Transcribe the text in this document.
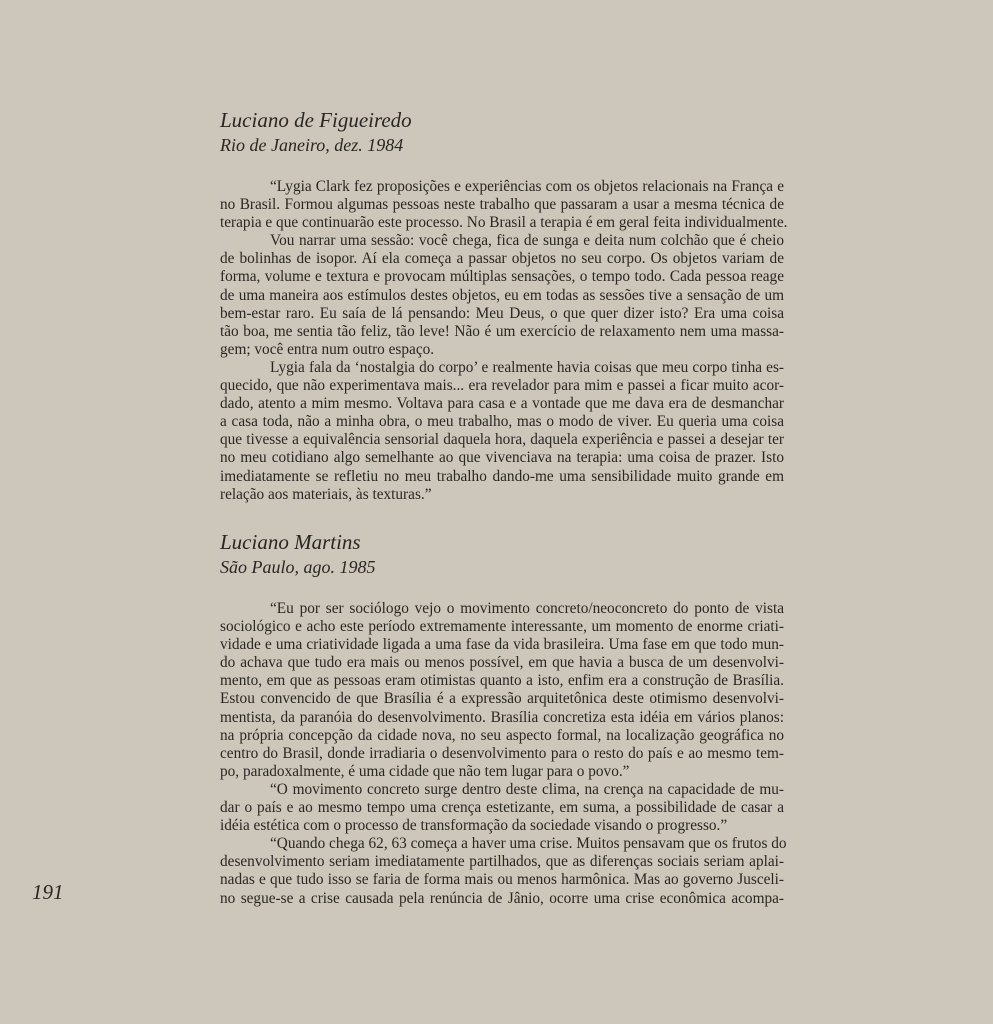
Luciano de Figueiredo

Rio de Janeiro, dez. 1984

“Lygia Clark fez proposições e experiências com os objetos relacionais na França e
no Brasil. Formou algumas pessoas neste trabalho que passaram a usar a mesma técnica de
terapia e que continuarão este processo. No Brasil a terapia é em geral feita individualmente.
Vou narrar uma sessão: você chega, fica de sunga e deita num colchão que é cheio
de bolinhas de isopor. Aí ela começa a passar objetos no seu corpo. Os objetos variam de
forma, volume e textura e provocam múltiplas sensações, o tempo todo. Cada pessoa reage
de uma maneira aos estímulos destes objetos, eu em todas as sessões tive a sensação de um
bem-estar raro. Eu saía de lá pensando: Meu Deus, o que quer dizer isto? Era uma coisa
tão boa, me sentia tão feliz, tão leve! Não é um exercício de relaxamento nem uma massa-
gem; você entra num outro espaço.
Lygia fala da ‘nostalgia do corpo’ e realmente havia coisas que meu corpo tinha es-
quecido, que não experimentava mais... era revelador para mim e passei a ficar muito acor-
dado, atento a mim mesmo. Voltava para casa e a vontade que me dava era de desmanchar
a casa toda, não a minha obra, o meu trabalho, mas o modo de viver. Eu queria uma coisa
que tivesse a equivalência sensorial daquela hora, daquela experiência e passei a desejar ter
no meu cotidiano algo semelhante ao que vivenciava na terapia: uma coisa de prazer. Isto
imediatamente se refletiu no meu trabalho dando-me uma sensibilidade muito grande em
relação aos materiais, às texturas.”

Luciano Martins

São Paulo, ago. 1985

“Eu por ser sociólogo vejo o movimento concreto/neoconcreto do ponto de vista
sociológico e acho este período extremamente interessante, um momento de enorme criati-
vidade e uma criatividade ligada a uma fase da vida brasileira. Uma fase em que todo mun-
do achava que tudo era mais ou menos possível, em que havia a busca de um desenvolvi-
mento, em que as pessoas eram otimistas quanto a isto, enfim era a construção de Brasília.
Estou convencido de que Brasília é a expressão arquitetônica deste otimismo desenvolvi-
mentista, da paranóia do desenvolvimento. Brasília concretiza esta idéia em vários planos:
na própria concepção da cidade nova, no seu aspecto formal, na localização geográfica no
centro do Brasil, donde irradiaria o desenvolvimento para o resto do país e ao mesmo tem-
po, paradoxalmente, é uma cidade que não tem lugar para o povo.”
“O movimento concreto surge dentro deste clima, na crença na capacidade de mu-
dar o país e ao mesmo tempo uma crença estetizante, em suma, a possibilidade de casar a
idéia estética com o processo de transformação da sociedade visando o progresso.”
“Quando chega 62, 63 começa a haver uma crise. Muitos pensavam que os frutos do
desenvolvimento seriam imediatamente partilhados, que as diferenças sociais seriam aplai-
nadas e que tudo isso se faria de forma mais ou menos harmônica. Mas ao governo Jusceli-
no segue-se a crise causada pela renúncia de Jânio, ocorre uma crise econômica acompa-
191
